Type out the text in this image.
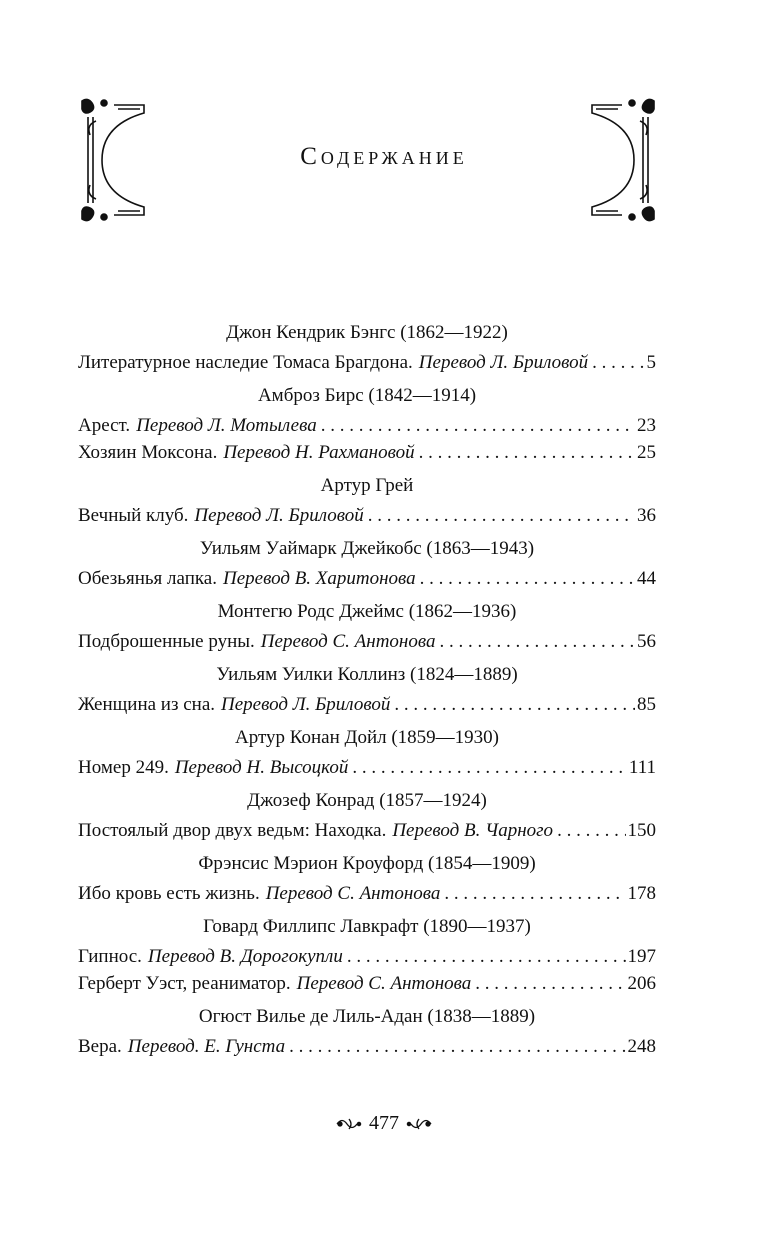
Содержание
Джон Кендрик Бэнгс (1862—1922)
Литературное наследие Томаса Брагдона. Перевод Л. Бриловой . . .	5
Амброз Бирс (1842—1914)
Арест. Перевод Л. Мотылева . . .	23
Хозяин Моксона. Перевод Н. Рахмановой . . .	25
Артур Грей
Вечный клуб. Перевод Л. Бриловой . . .	36
Уильям Уаймарк Джейкобс (1863—1943)
Обезьянья лапка. Перевод В. Харитонова . . .	44
Монтегю Родс Джеймс (1862—1936)
Подброшенные руны. Перевод С. Антонова . . .	56
Уильям Уилки Коллинз (1824—1889)
Женщина из сна. Перевод Л. Бриловой . . .	85
Артур Конан Дойл (1859—1930)
Номер 249. Перевод Н. Высоцкой . . .	111
Джозеф Конрад (1857—1924)
Постоялый двор двух ведьм: Находка. Перевод В. Чарного . . .	150
Фрэнсис Мэрион Кроуфорд (1854—1909)
Ибо кровь есть жизнь. Перевод С. Антонова . . .	178
Говард Филлипс Лавкрафт (1890—1937)
Гипнос. Перевод В. Дорогокупли . . .	197
Герберт Уэст, реаниматор. Перевод С. Антонова . . .	206
Огюст Вилье де Лиль-Адан (1838—1889)
Вера. Перевод. Е. Гунста . . .	248
477
